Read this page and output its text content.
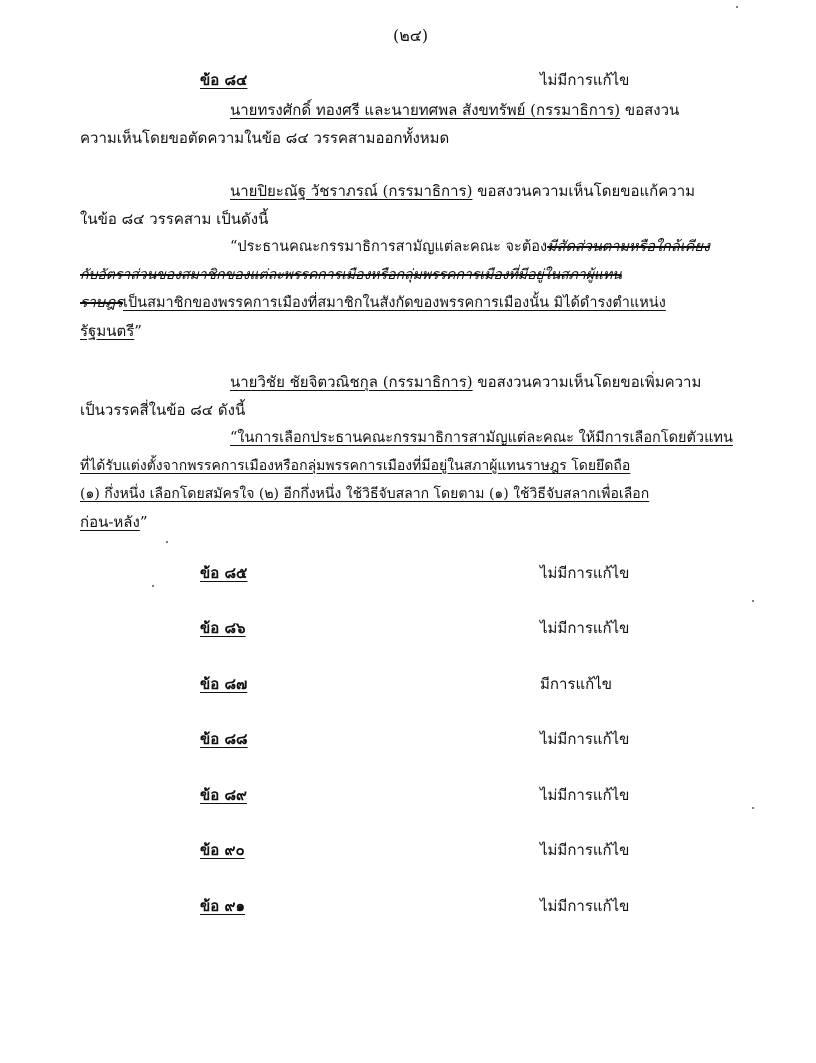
(๒๔)
ข้อ ๘๔	ไม่มีการแก้ไข
นายทรงศักดิ์ ทองศรี และนายทศพล สังขทรัพย์ (กรรมาธิการ) ขอสงวน
ความเห็นโดยขอตัดความในข้อ ๘๔ วรรคสามออกทั้งหมด
นายปิยะณัฐ วัชราภรณ์ (กรรมาธิการ) ขอสงวนความเห็นโดยขอแก้ความ
ในข้อ ๘๔ วรรคสาม เป็นดังนี้
“ประธานคณะกรรมาธิการสามัญแต่ละคณะ จะต้องมีสัดส่วนตามหรือใกล้เคียง
กับอัตราส่วนของสมาชิกของแต่ละพรรคการเมืองหรือกลุ่มพรรคการเมืองที่มีอยู่ในสภาผู้แทน
ราษฎรเป็นสมาชิกของพรรคการเมืองที่สมาชิกในสังกัดของพรรคการเมืองนั้น มิได้ดำรงตำแหน่ง
รัฐมนตรี”
นายวิชัย ชัยจิตวณิชกุล (กรรมาธิการ) ขอสงวนความเห็นโดยขอเพิ่มความ
เป็นวรรคสี่ในข้อ ๘๔ ดังนี้
“ในการเลือกประธานคณะกรรมาธิการสามัญแต่ละคณะ ให้มีการเลือกโดยตัวแทน
ที่ได้รับแต่งตั้งจากพรรคการเมืองหรือกลุ่มพรรคการเมืองที่มีอยู่ในสภาผู้แทนราษฎร โดยยึดถือ
(๑) กึ่งหนึ่ง เลือกโดยสมัครใจ (๒) อีกกึ่งหนึ่ง ใช้วิธีจับสลาก โดยตาม (๑) ใช้วิธีจับสลากเพื่อเลือก
ก่อน-หลัง”
ข้อ ๘๕	ไม่มีการแก้ไข
ข้อ ๘๖	ไม่มีการแก้ไข
ข้อ ๘๗	มีการแก้ไข
ข้อ ๘๘	ไม่มีการแก้ไข
ข้อ ๘๙	ไม่มีการแก้ไข
ข้อ ๙๐	ไม่มีการแก้ไข
ข้อ ๙๑	ไม่มีการแก้ไข
